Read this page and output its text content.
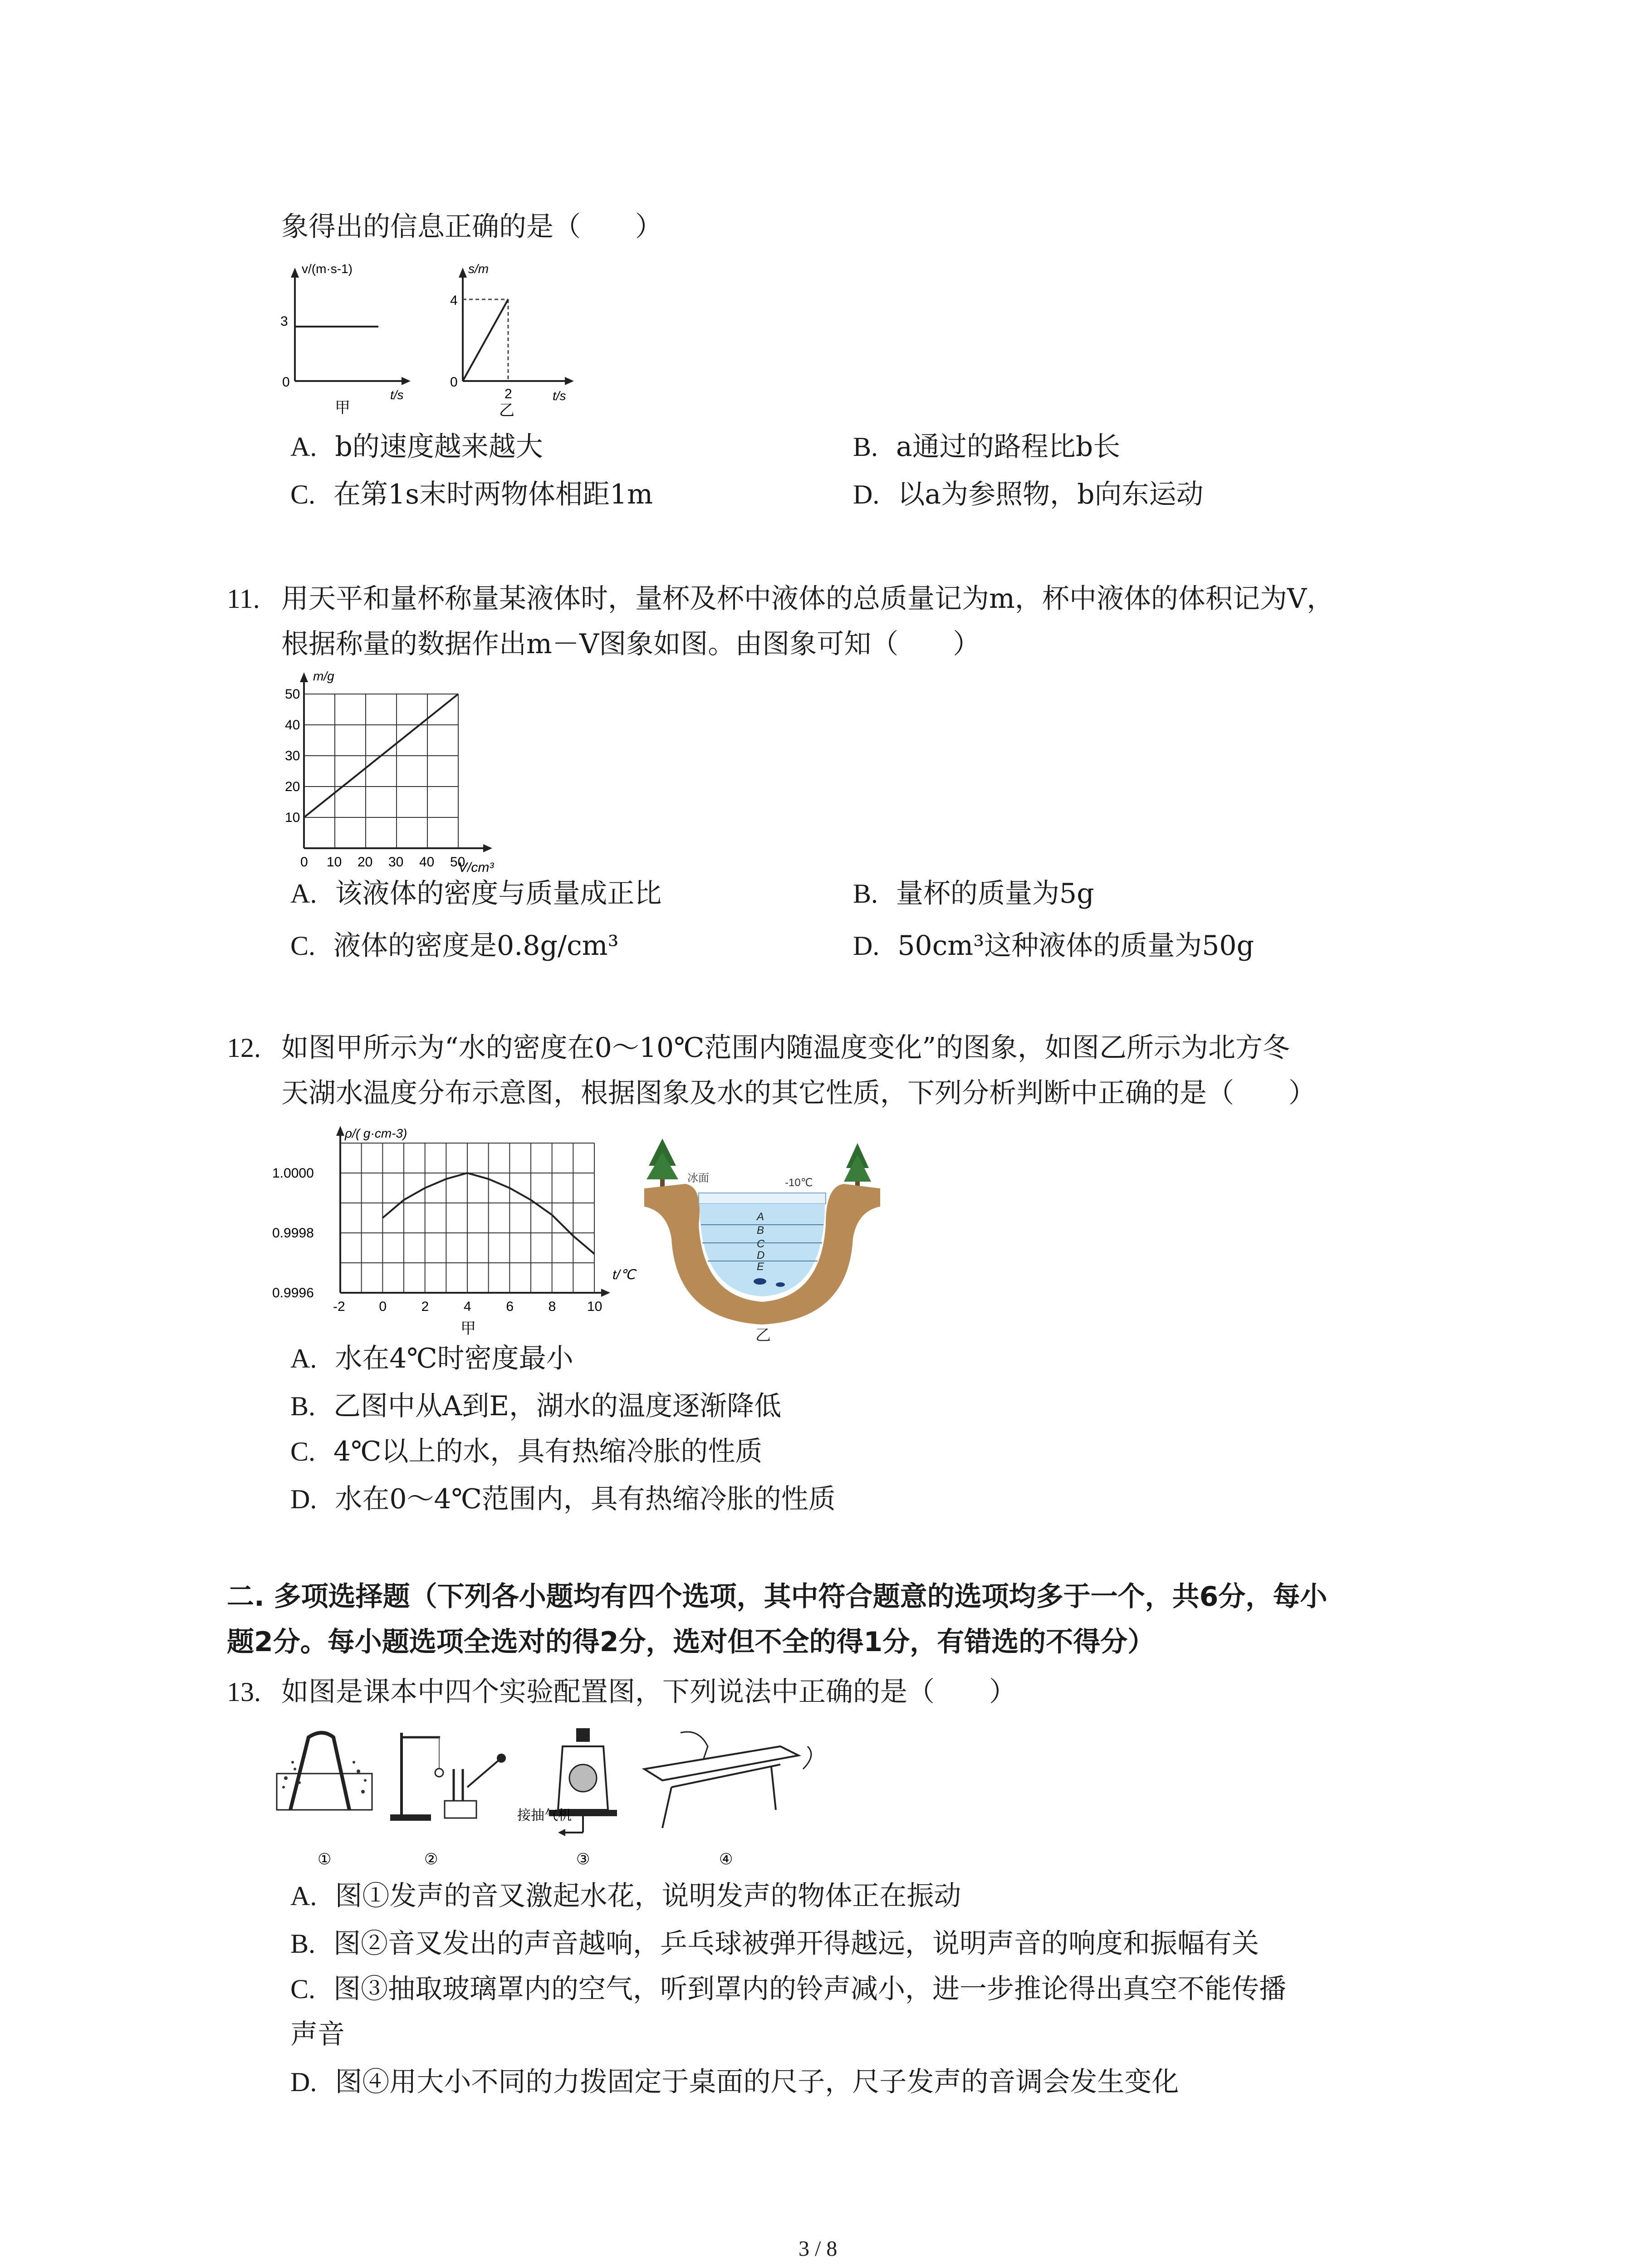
象得出的信息正确的是（　　）
v/(m·s-1)
3
0
t/s
甲
s/m
4
0
2	t/s
乙
A. b的速度越来越大	B. a通过的路程比b长
C. 在第1s末时两物体相距1m	D. 以a为参照物，b向东运动
11. 用天平和量杯称量某液体时，量杯及杯中液体的总质量记为m，杯中液体的体积记为V，
根据称量的数据作出m－V图象如图。由图象可知（　　）
0 10 20 30 40 50
10
20
30
40
50
m/g
V/cm³
A. 该液体的密度与质量成正比	B. 量杯的质量为5g
C. 液体的密度是0.8g/cm³	D. 50cm³这种液体的质量为50g
12. 如图甲所示为“水的密度在0～10℃范围内随温度变化”的图象，如图乙所示为北方冬
天湖水温度分布示意图，根据图象及水的其它性质，下列分析判断中正确的是（　　）
-2 0	2	4	6	8 10
0.9996
0.9998
1.0000
ρ/( g·cm-3)
t/℃
甲
冰面	-10℃
A
B
C
D
E
乙
A. 水在4℃时密度最小
B. 乙图中从A到E，湖水的温度逐渐降低
C. 4℃以上的水，具有热缩冷胀的性质
D. 水在0～4℃范围内，具有热缩冷胀的性质
二. 多项选择题（下列各小题均有四个选项，其中符合题意的选项均多于一个，共6分，每小
题2分。每小题选项全选对的得2分，选对但不全的得1分，有错选的不得分）
13. 如图是课本中四个实验配置图，下列说法中正确的是（　　）
接抽气机
①	②	③	④
A. 图①发声的音叉激起水花，说明发声的物体正在振动
B. 图②音叉发出的声音越响，乒乓球被弹开得越远，说明声音的响度和振幅有关
C. 图③抽取玻璃罩内的空气，听到罩内的铃声减小，进一步推论得出真空不能传播
声音
D. 图④用大小不同的力拨固定于桌面的尺子，尺子发声的音调会发生变化
3 / 8
